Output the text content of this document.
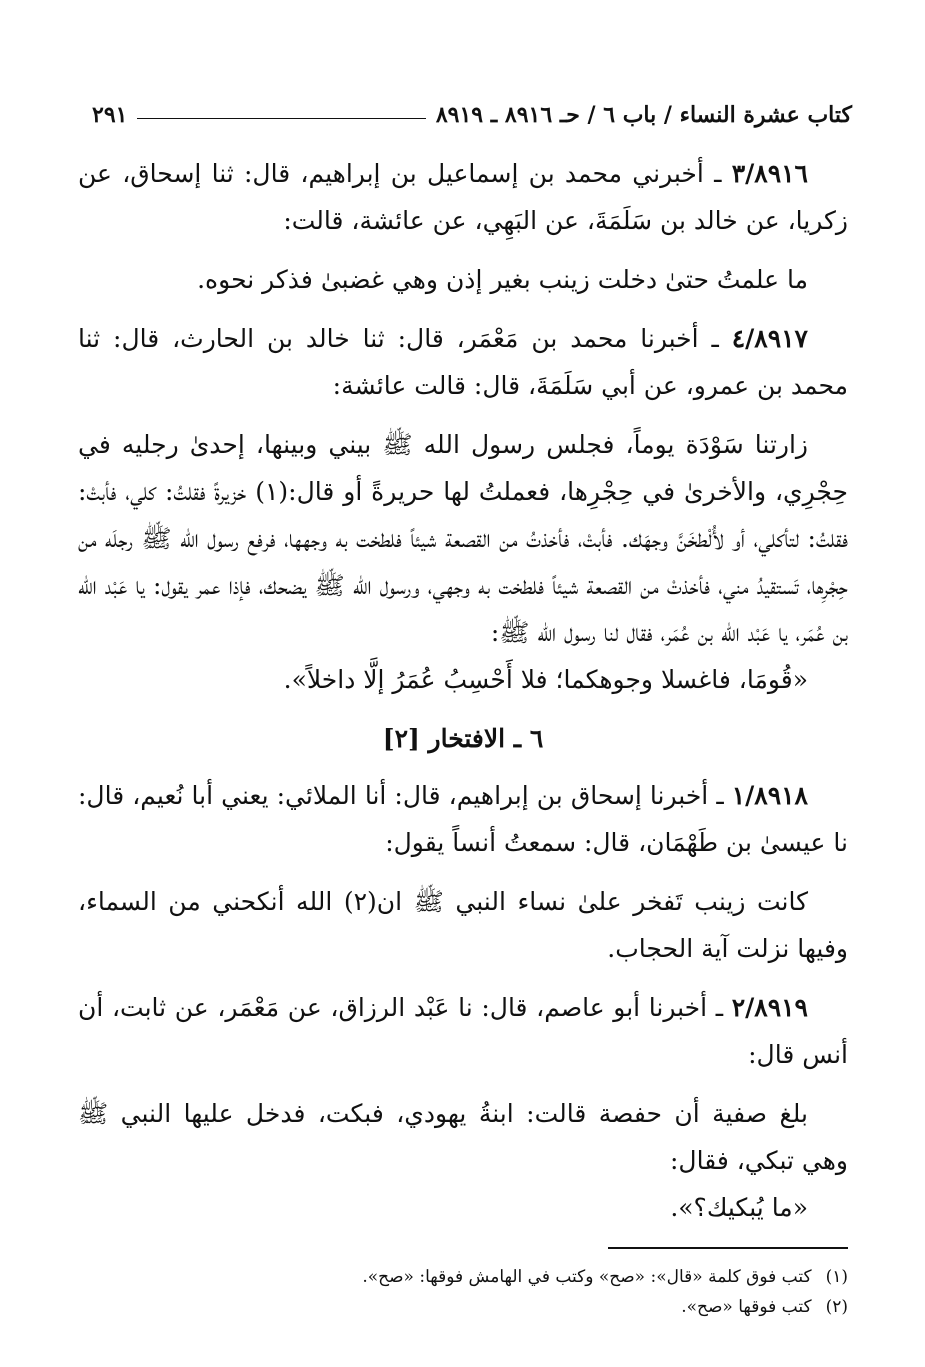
كتاب عشرة النساء / باب ٦ / حـ ٨٩١٦ ـ ٨٩١٩
٢٩١

٣/٨٩١٦ ـ أخبرني محمد بن إسماعيل بن إبراهيم، قال: ثنا إسحاق، عن زكريا، عن خالد بن سَلَمَةَ، عن البَهِي، عن عائشة، قالت:

ما علمتُ حتىٰ دخلت زينب بغير إذن وهي غضبىٰ فذكر نحوه.

٤/٨٩١٧ ـ أخبرنا محمد بن مَعْمَر، قال: ثنا خالد بن الحارث، قال: ثنا محمد بن عمرو، عن أبي سَلَمَةَ، قال: قالت عائشة:

زارتنا سَوْدَة يوماً، فجلس رسول الله ﷺ بيني وبينها، إحدىٰ رجليه في حِجْرِي، والأخرىٰ في حِجْرِها، فعملتُ لها حريرةً أو قال:(١) خزيرةً فقلتُ: كلي، فأبتْ: فقلتُ: لتأكلي، أو لأُلْطخَنَّ وجهَك. فأبتْ، فأخذتُ من القصعة شيئاً فلطخت به وجهها، فرفع رسول الله ﷺ رجلَه من حِجْرِها، تَستقيدُ مني، فأخذتْ من القصعة شيئاً فلطخت به وجهي، ورسول الله ﷺ يضحك، فإذا عمر يقول: يا عَبْد الله بن عُمَر، يا عَبْد الله بن عُمَر، فقال لنا رسول الله ﷺ:

«قُومَا، فاغسلا وجوهكما؛ فلا أَحْسِبُ عُمَرُ إلَّا داخلاً».

٦ ـ الافتخار [٢]

١/٨٩١٨ ـ أخبرنا إسحاق بن إبراهيم، قال: أنا الملائي: يعني أبا نُعيم، قال: نا عيسىٰ بن طَهْمَان، قال: سمعتُ أنساً يقول:

كانت زينب تَفخر علىٰ نساء النبي ﷺ ان(٢) الله أنكحني من السماء، وفيها نزلت آية الحجاب.

٢/٨٩١٩ ـ أخبرنا أبو عاصم، قال: نا عَبْد الرزاق، عن مَعْمَر، عن ثابت، أن أنس قال:

بلغ صفية أن حفصة قالت: ابنةُ يهودي، فبكت، فدخل عليها النبي ﷺ وهي تبكي، فقال:

«ما يُبكيك؟».

(١)كتب فوق كلمة «قال»: «صح» وكتب في الهامش فوقها: «صح».

(٢)كتب فوقها «صح».
